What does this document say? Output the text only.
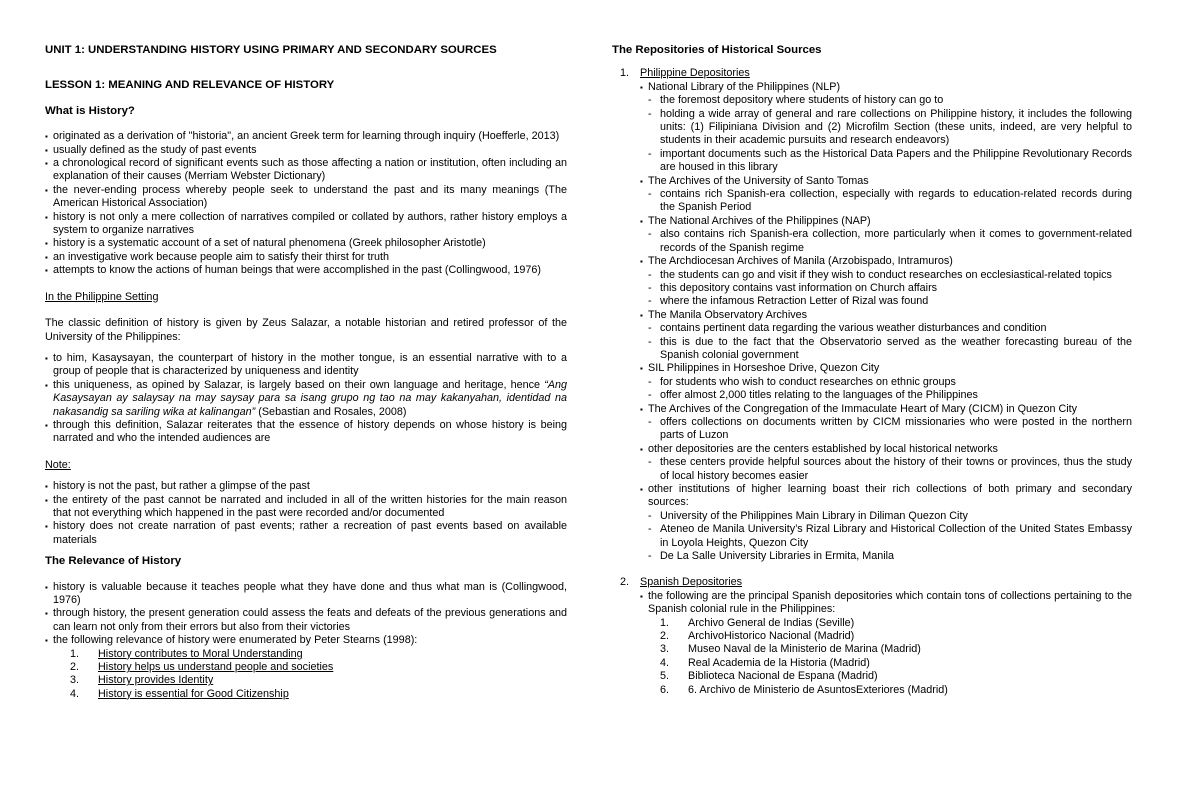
UNIT 1: UNDERSTANDING HISTORY USING PRIMARY AND SECONDARY SOURCES

LESSON 1: MEANING AND RELEVANCE OF HISTORY

What is History?

▪ originated as a derivation of "historia", an ancient Greek term for learning through inquiry (Hoefferle, 2013)
▪ usually defined as the study of past events
▪ a chronological record of significant events such as those affecting a nation or institution, often including an explanation of their causes (Merriam Webster Dictionary)
▪ the never-ending process whereby people seek to understand the past and its many meanings (The American Historical Association)
▪ history is not only a mere collection of narratives compiled or collated by authors, rather history employs a system to organize narratives
▪ history is a systematic account of a set of natural phenomena (Greek philosopher Aristotle)
▪ an investigative work because people aim to satisfy their thirst for truth
▪ attempts to know the actions of human beings that were accomplished in the past (Collingwood, 1976)

In the Philippine Setting

The classic definition of history is given by Zeus Salazar, a notable historian and retired professor of the University of the Philippines:

▪ to him, Kasaysayan, the counterpart of history in the mother tongue, is an essential narrative with to a group of people that is characterized by uniqueness and identity
▪ this uniqueness, as opined by Salazar, is largely based on their own language and heritage, hence “Ang Kasaysayan ay salaysay na may saysay para sa isang grupo ng tao na may kakanyahan, identidad na nakasandig sa sariling wika at kalinangan” (Sebastian and Rosales, 2008)
▪ through this definition, Salazar reiterates that the essence of history depends on whose history is being narrated and who the intended audiences are

Note:

▪ history is not the past, but rather a glimpse of the past
▪ the entirety of the past cannot be narrated and included in all of the written histories for the main reason that not everything which happened in the past were recorded and/or documented
▪ history does not create narration of past events; rather a recreation of past events based on available materials

The Relevance of History

▪ history is valuable because it teaches people what they have done and thus what man is (Collingwood, 1976)
▪ through history, the present generation could assess the feats and defeats of the previous generations and can learn not only from their errors but also from their victories
▪ the following relevance of history were enumerated by Peter Stearns (1998):
1. History contributes to Moral Understanding
2. History helps us understand people and societies
3. History provides Identity
4. History is essential for Good Citizenship

The Repositories of Historical Sources

1. Philippine Depositories
▪ National Library of the Philippines (NLP)
- the foremost depository where students of history can go to
- holding a wide array of general and rare collections on Philippine history, it includes the following units: (1) Filipiniana Division and (2) Microfilm Section (these units, indeed, are very helpful to students in their academic pursuits and research endeavors)
- important documents such as the Historical Data Papers and the Philippine Revolutionary Records are housed in this library
▪ The Archives of the University of Santo Tomas
- contains rich Spanish-era collection, especially with regards to education-related records during the Spanish Period
▪ The National Archives of the Philippines (NAP)
- also contains rich Spanish-era collection, more particularly when it comes to government-related records of the Spanish regime
▪ The Archdiocesan Archives of Manila (Arzobispado, Intramuros)
- the students can go and visit if they wish to conduct researches on ecclesiastical-related topics
- this depository contains vast information on Church affairs
- where the infamous Retraction Letter of Rizal was found
▪ The Manila Observatory Archives
- contains pertinent data regarding the various weather disturbances and condition
- this is due to the fact that the Observatorio served as the weather forecasting bureau of the Spanish colonial government
▪ SIL Philippines in Horseshoe Drive, Quezon City
- for students who wish to conduct researches on ethnic groups
- offer almost 2,000 titles relating to the languages of the Philippines
▪ The Archives of the Congregation of the Immaculate Heart of Mary (CICM) in Quezon City
- offers collections on documents written by CICM missionaries who were posted in the northern parts of Luzon
▪ other depositories are the centers established by local historical networks
- these centers provide helpful sources about the history of their towns or provinces, thus the study of local history becomes easier
▪ other institutions of higher learning boast their rich collections of both primary and secondary sources:
- University of the Philippines Main Library in Diliman Quezon City
- Ateneo de Manila University’s Rizal Library and Historical Collection of the United States Embassy in Loyola Heights, Quezon City
- De La Salle University Libraries in Ermita, Manila
2. Spanish Depositories
▪ the following are the principal Spanish depositories which contain tons of collections pertaining to the Spanish colonial rule in the Philippines:
1. Archivo General de Indias (Seville)
2. ArchivoHistorico Nacional (Madrid)
3. Museo Naval de la Ministerio de Marina (Madrid)
4. Real Academia de la Historia (Madrid)
5. Biblioteca Nacional de Espana (Madrid)
6. 6. Archivo de Ministerio de AsuntosExteriores (Madrid)
